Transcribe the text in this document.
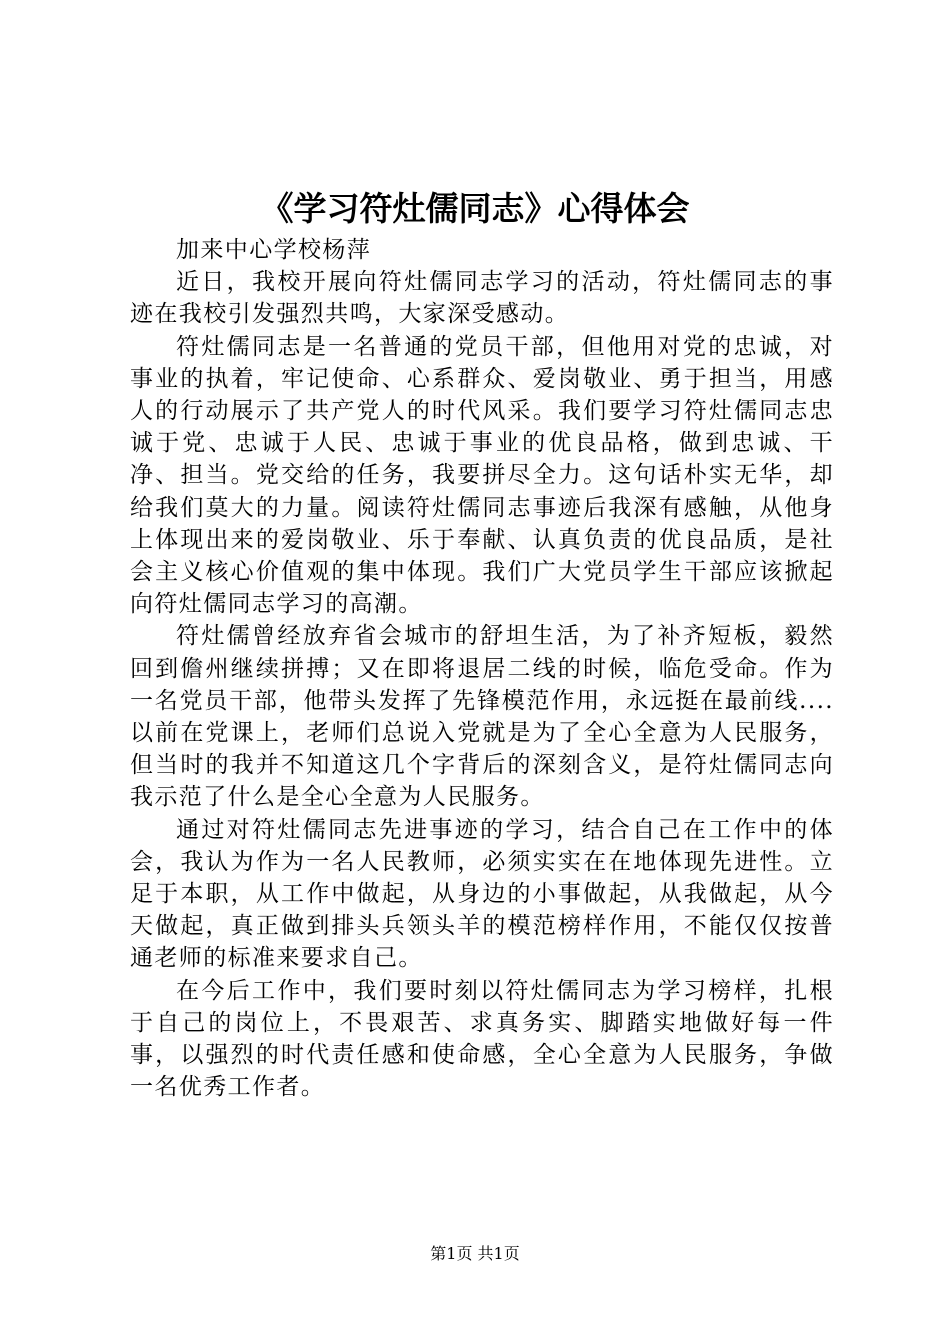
《学习符灶儒同志》心得体会

加来中心学校杨萍

近日，我校开展向符灶儒同志学习的活动，符灶儒同志的事迹在我校引发强烈共鸣，大家深受感动。

符灶儒同志是一名普通的党员干部，但他用对党的忠诚，对事业的执着，牢记使命、心系群众、爱岗敬业、勇于担当，用感人的行动展示了共产党人的时代风采。我们要学习符灶儒同志忠诚于党、忠诚于人民、忠诚于事业的优良品格，做到忠诚、干净、担当。党交给的任务，我要拼尽全力。这句话朴实无华，却给我们莫大的力量。阅读符灶儒同志事迹后我深有感触，从他身上体现出来的爱岗敬业、乐于奉献、认真负责的优良品质，是社会主义核心价值观的集中体现。我们广大党员学生干部应该掀起向符灶儒同志学习的高潮。

符灶儒曾经放弃省会城市的舒坦生活，为了补齐短板，毅然回到儋州继续拼搏；又在即将退居二线的时候，临危受命。作为一名党员干部，他带头发挥了先锋模范作用，永远挺在最前线....以前在党课上，老师们总说入党就是为了全心全意为人民服务，但当时的我并不知道这几个字背后的深刻含义，是符灶儒同志向我示范了什么是全心全意为人民服务。

通过对符灶儒同志先进事迹的学习，结合自己在工作中的体会，我认为作为一名人民教师，必须实实在在地体现先进性。立足于本职，从工作中做起，从身边的小事做起，从我做起，从今天做起，真正做到排头兵领头羊的模范榜样作用，不能仅仅按普通老师的标准来要求自己。

在今后工作中，我们要时刻以符灶儒同志为学习榜样，扎根于自己的岗位上，不畏艰苦、求真务实、脚踏实地做好每一件事，以强烈的时代责任感和使命感，全心全意为人民服务，争做一名优秀工作者。

第1页 共1页
